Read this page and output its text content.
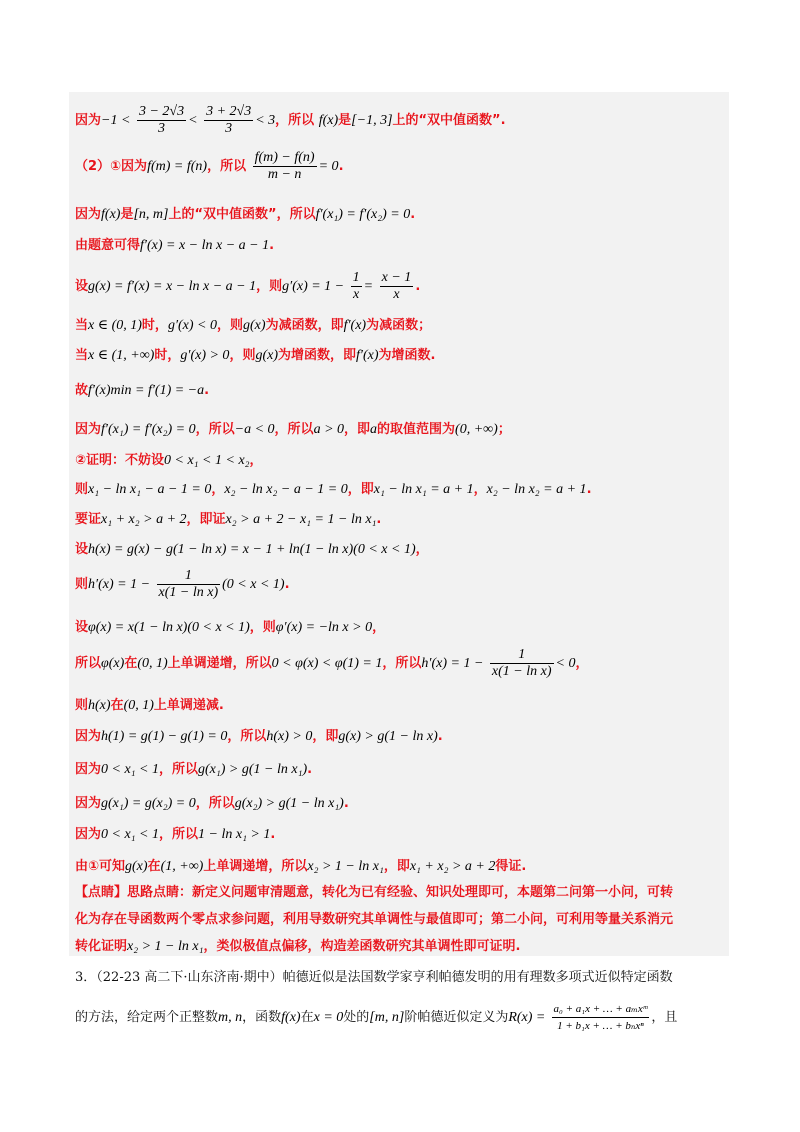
因为$-1 < \frac{3 - 2√3}{3} < \frac{3 + 2√3}{3} < 3$，所以 f(x)是[−1, 3]上的“双中值函数”.
（2）①因为f(m) = f(n)，所以 $\frac{f(m) - f(n)}{m - n} = 0$.
因为f(x)是[n, m]上的“双中值函数”，所以f′(x₁) = f′(x₂) = 0.
由题意可得f′(x) = x − ln x − a − 1.
设g(x) = f′(x) = x − ln x − a − 1，则$g'(x) = 1 - \frac{1}{x} = \frac{x - 1}{x}$ .
当x ∈ (0, 1)时，g′(x) < 0，则g(x)为减函数，即f′(x)为减函数；
当x ∈ (1, +∞)时，g′(x) > 0，则g(x)为增函数，即f′(x)为增函数.
故f′(x)min = f′(1) = −a.
因为f′(x₁) = f′(x₂) = 0，所以−a < 0，所以a > 0，即a的取值范围为(0, +∞)；
②证明：不妨设0 < x₁ < 1 < x₂，
则x₁ − ln x₁ − a − 1 = 0，x₂ − ln x₂ − a − 1 = 0，即x₁ − ln x₁ = a + 1，x₂ − ln x₂ = a + 1.
要证x₁ + x₂ > a + 2，即证x₂ > a + 2 − x₁ = 1 − ln x₁.
设h(x) = g(x) − g(1 − ln x) = x − 1 + ln(1 − ln x)(0 < x < 1)，
则$h'(x) = 1 - \frac{1}{\text{x(1 − ln x)}} (0 < x < 1)$.
设φ(x) = x(1 − ln x)(0 < x < 1)，则φ′(x) = −ln x > 0，
所以φ(x)在(0, 1)上单调递增，所以0 < φ(x) < φ(1) = 1，所以$h'(x) = 1 - \frac{1}{\text{x(1 − ln x)}} < 0$，
则h(x)在(0, 1)上单调递减.
因为h(1) = g(1) − g(1) = 0，所以h(x) > 0，即g(x) > g(1 − ln x).
因为0 < x₁ < 1，所以g(x₁) > g(1 − ln x₁).
因为g(x₁) = g(x₂) = 0，所以g(x₂) > g(1 − ln x₁).
因为0 < x₁ < 1，所以1 − ln x₁ > 1.
由①可知g(x)在(1, +∞)上单调递增，所以x₂ > 1 − ln x₁，即x₁ + x₂ > a + 2得证.
【点睛】思路点睛：新定义问题审清题意，转化为已有经验、知识处理即可，本题第二问第一小问，可转
化为存在导函数两个零点求参问题，利用导数研究其单调性与最值即可；第二小问，可利用等量关系消元
转化证明x₂ > 1 − ln x₁，类似极值点偏移，构造差函数研究其单调性即可证明.
3．（22-23 高二下·山东济南·期中）帕德近似是法国数学家亨利帕德发明的用有理数多项式近似特定函数
的方法，给定两个正整数m, n，函数f(x)在x = 0处的[m, n]阶帕德近似定义为$R(x) = \frac{\text{a₀ + a₁x + … + aₘxᵐ}}{\text{1 + b₁x + … + bₙxⁿ}}$ ，且
